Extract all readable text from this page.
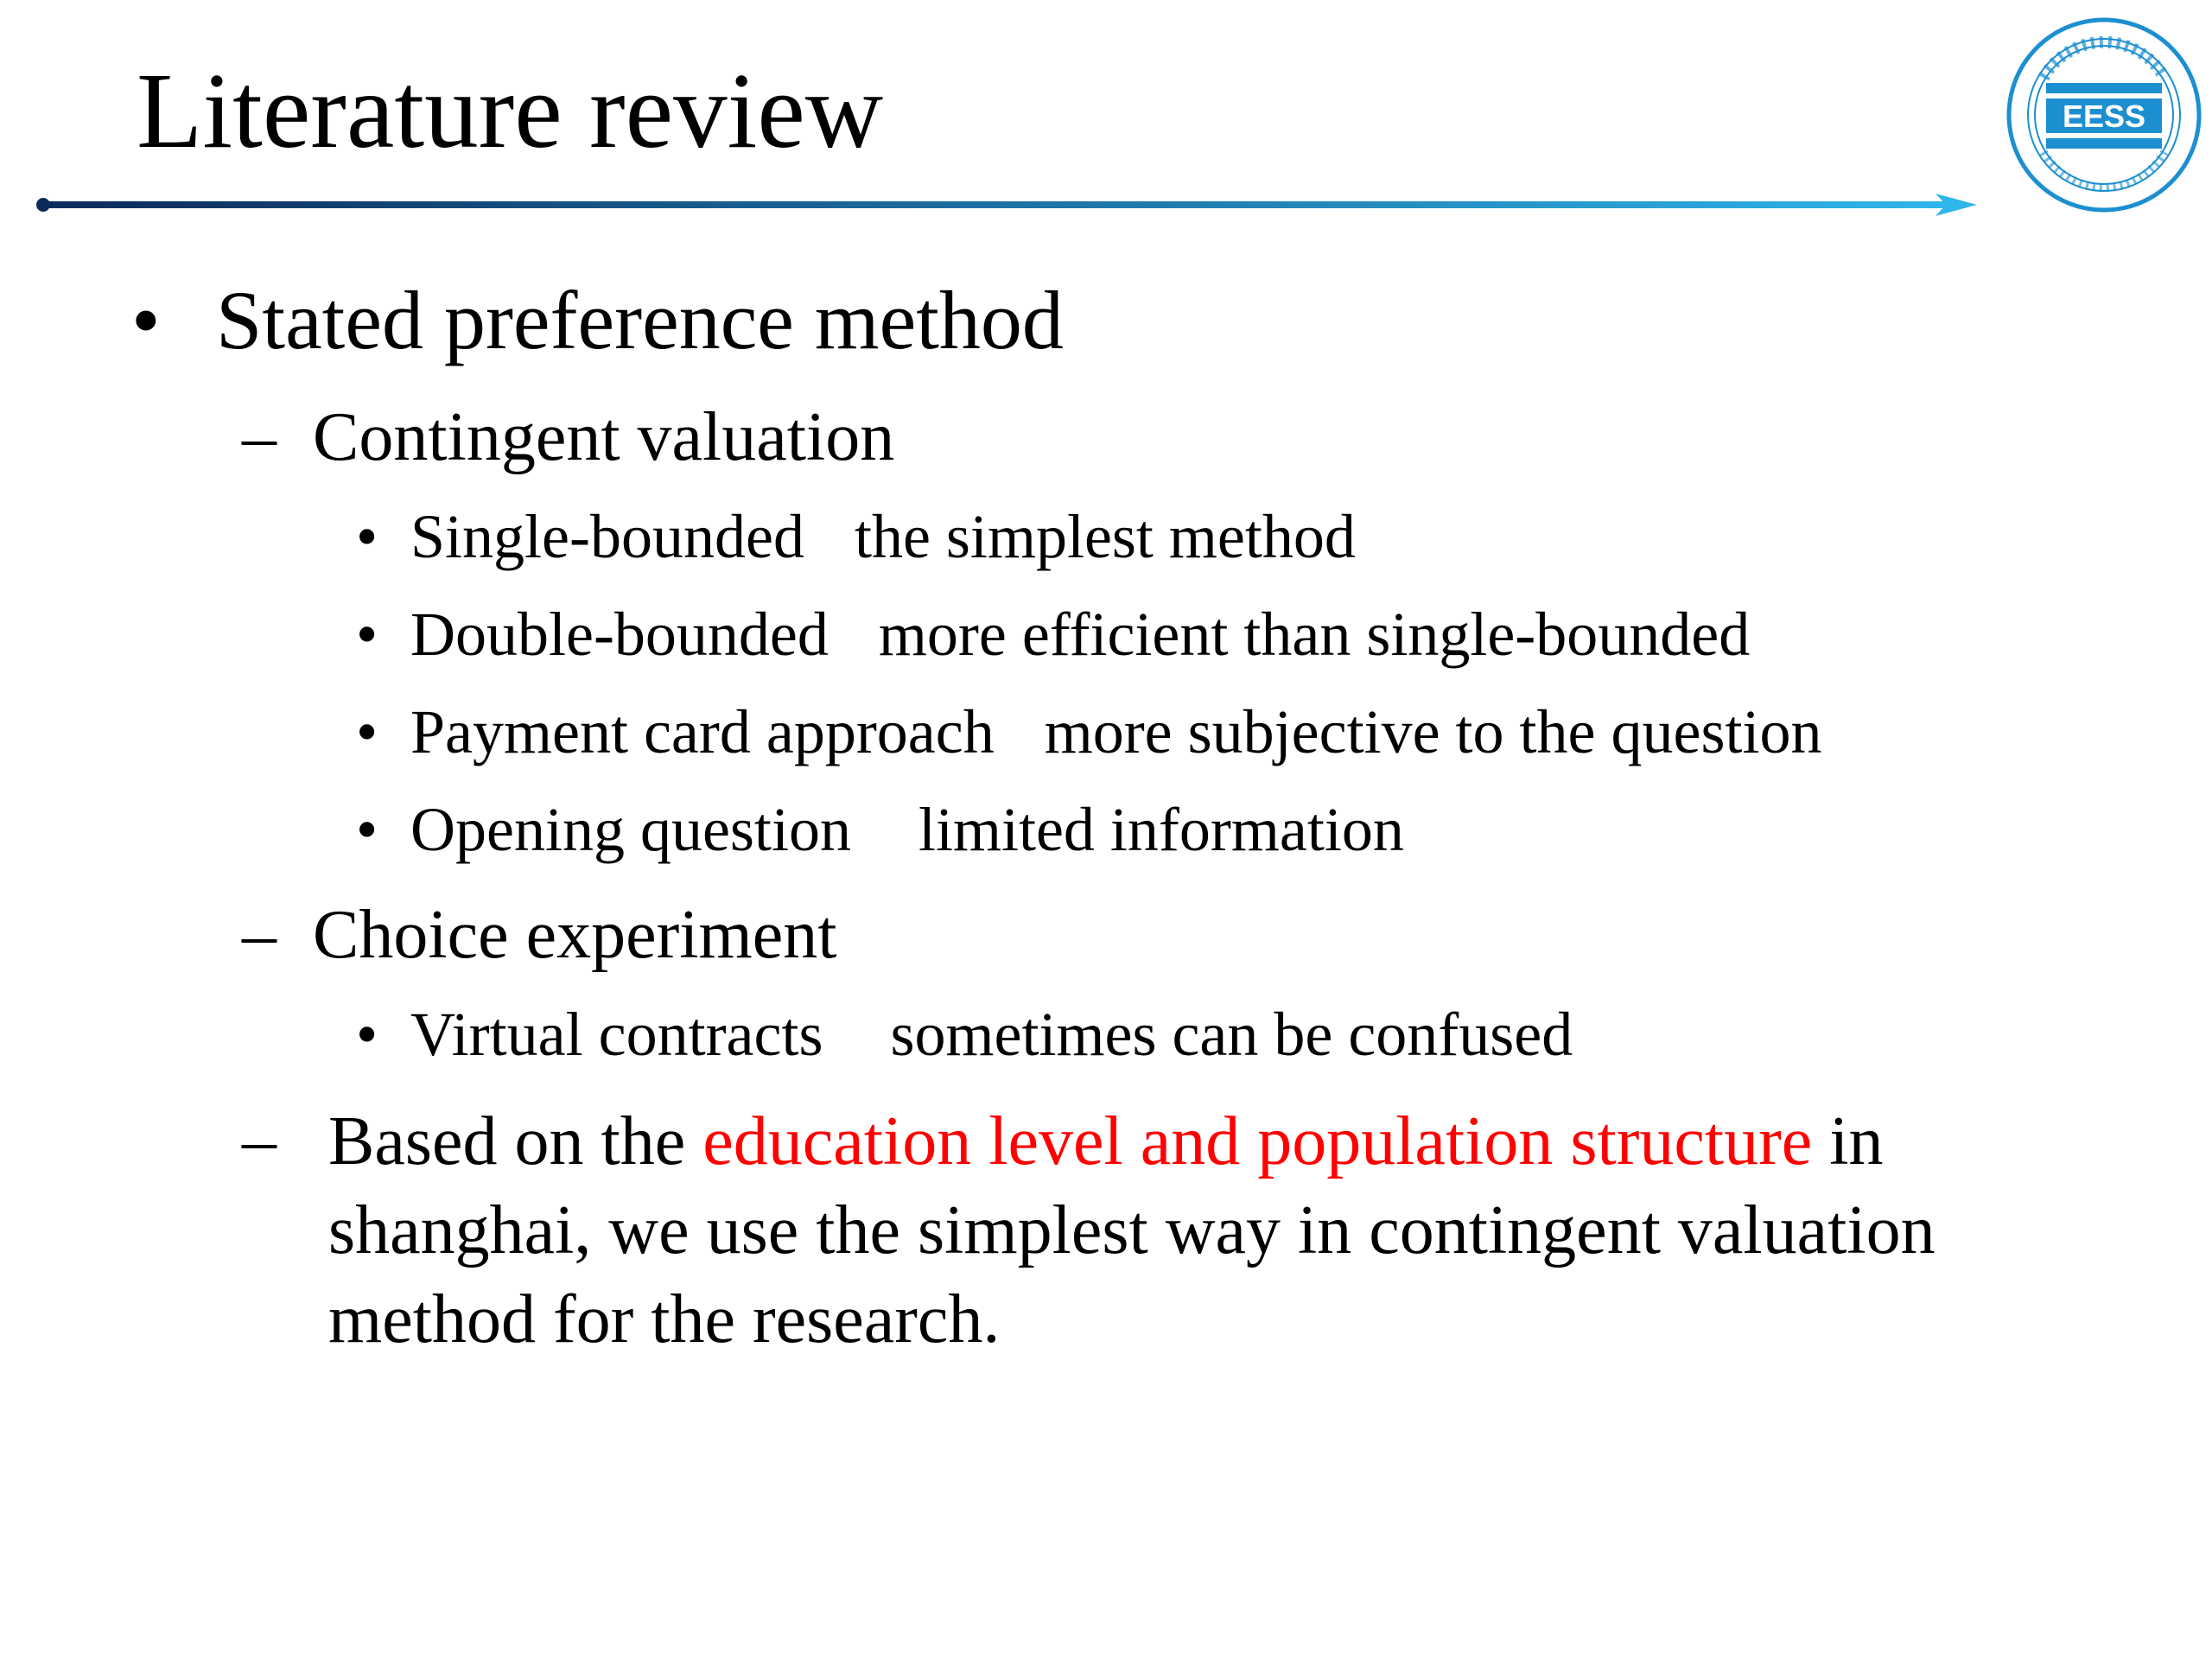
Literature review	EESS
• Stated preference method
– Contingent valuation
• Single-bounded the simplest method
• Double-bounded more efficient than single-bounded
• Payment card approach more subjective to the question
• Opening question limited information
– Choice experiment
• Virtual contracts sometimes can be confused
– Based on the education level and population structure in shanghai, we use the simplest way in contingent valuation method for the research.
